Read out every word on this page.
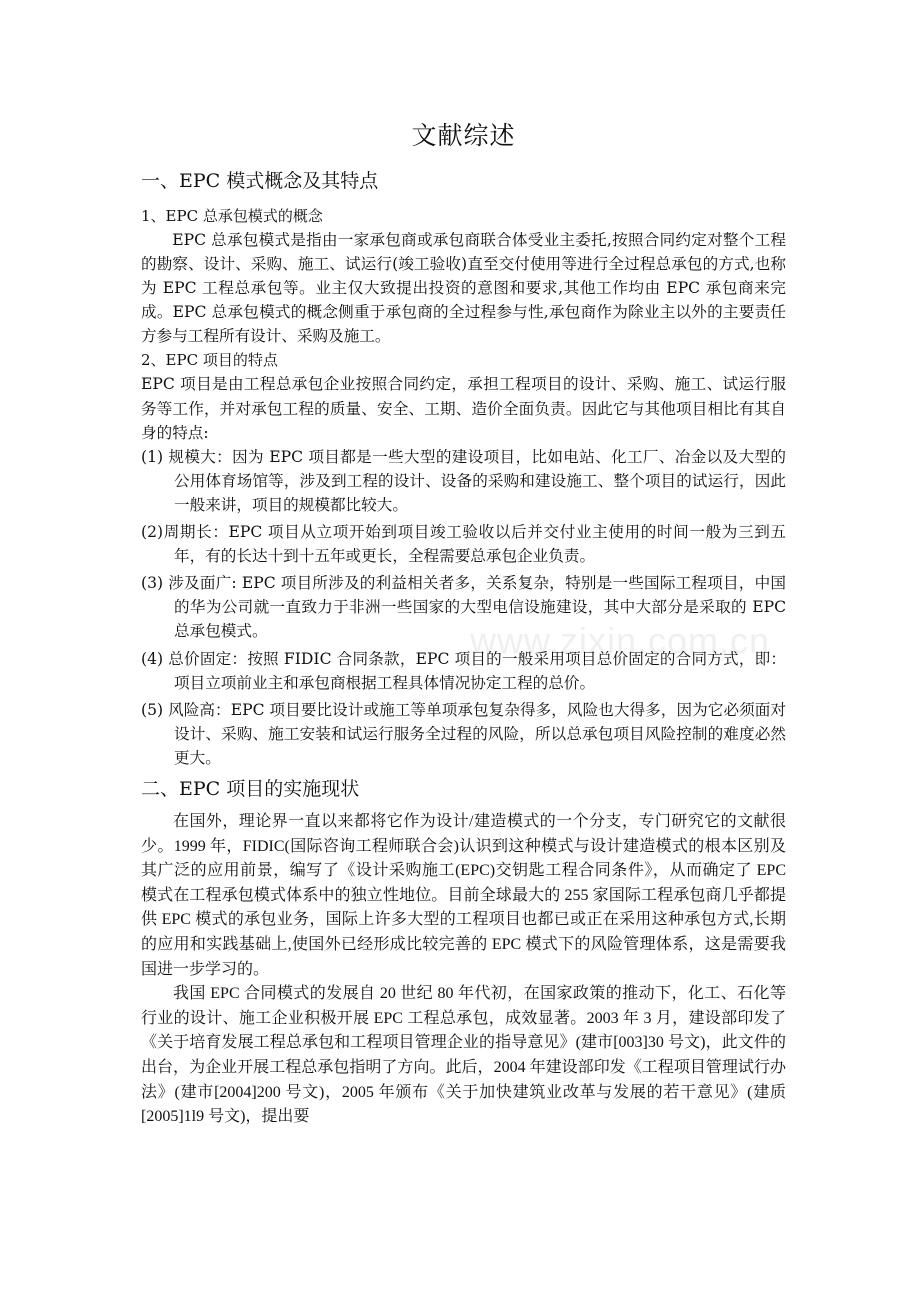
文献综述
一、EPC 模式概念及其特点
1、EPC 总承包模式的概念

EPC 总承包模式是指由一家承包商或承包商联合体受业主委托,按照合同约定对整个工程的勘察、设计、采购、施工、试运行(竣工验收)直至交付使用等进行全过程总承包的方式,也称为 EPC 工程总承包等。业主仅大致提出投资的意图和要求,其他工作均由 EPC 承包商来完成。EPC 总承包模式的概念侧重于承包商的全过程参与性,承包商作为除业主以外的主要责任方参与工程所有设计、采购及施工。

2、EPC 项目的特点

EPC 项目是由工程总承包企业按照合同约定，承担工程项目的设计、采购、施工、试运行服务等工作，并对承包工程的质量、安全、工期、造价全面负责。因此它与其他项目相比有其自身的特点:

(1) 规模大：因为 EPC 项目都是一些大型的建设项目，比如电站、化工厂、冶金以及大型的公用体育场馆等，涉及到工程的设计、设备的采购和建设施工、整个项目的试运行，因此一般来讲，项目的规模都比较大。

(2)周期长：EPC 项目从立项开始到项目竣工验收以后并交付业主使用的时间一般为三到五年，有的长达十到十五年或更长，全程需要总承包企业负责。

(3) 涉及面广: EPC 项目所涉及的利益相关者多，关系复杂，特别是一些国际工程项目，中国的华为公司就一直致力于非洲一些国家的大型电信设施建设，其中大部分是采取的 EPC 总承包模式。

(4) 总价固定：按照 FIDIC 合同条款，EPC 项目的一般采用项目总价固定的合同方式，即：项目立项前业主和承包商根据工程具体情况协定工程的总价。

(5) 风险高：EPC 项目要比设计或施工等单项承包复杂得多，风险也大得多，因为它必须面对设计、采购、施工安装和试运行服务全过程的风险，所以总承包项目风险控制的难度必然更大。

二、EPC 项目的实施现状

在国外，理论界一直以来都将它作为设计/建造模式的一个分支，专门研究它的文献很少。1999 年，FIDIC(国际咨询工程师联合会)认识到这种模式与设计建造模式的根本区别及其广泛的应用前景，编写了《设计采购施工(EPC)交钥匙工程合同条件》，从而确定了 EPC 模式在工程承包模式体系中的独立性地位。目前全球最大的 255 家国际工程承包商几乎都提供 EPC 模式的承包业务，国际上许多大型的工程项目也都已或正在采用这种承包方式,长期的应用和实践基础上,使国外已经形成比较完善的 EPC 模式下的风险管理体系，这是需要我国进一步学习的。

我国 EPC 合同模式的发展自 20 世纪 80 年代初，在国家政策的推动下，化工、石化等行业的设计、施工企业积极开展 EPC 工程总承包，成效显著。2003 年 3 月，建设部印发了《关于培育发展工程总承包和工程项目管理企业的指导意见》(建市[003]30 号文)，此文件的出台，为企业开展工程总承包指明了方向。此后，2004 年建设部印发《工程项目管理试行办法》(建市[2004]200 号文)，2005 年颁布《关于加快建筑业改革与发展的若干意见》(建质[2005]1l9 号文)，提出要

www.zixin.com.cn
